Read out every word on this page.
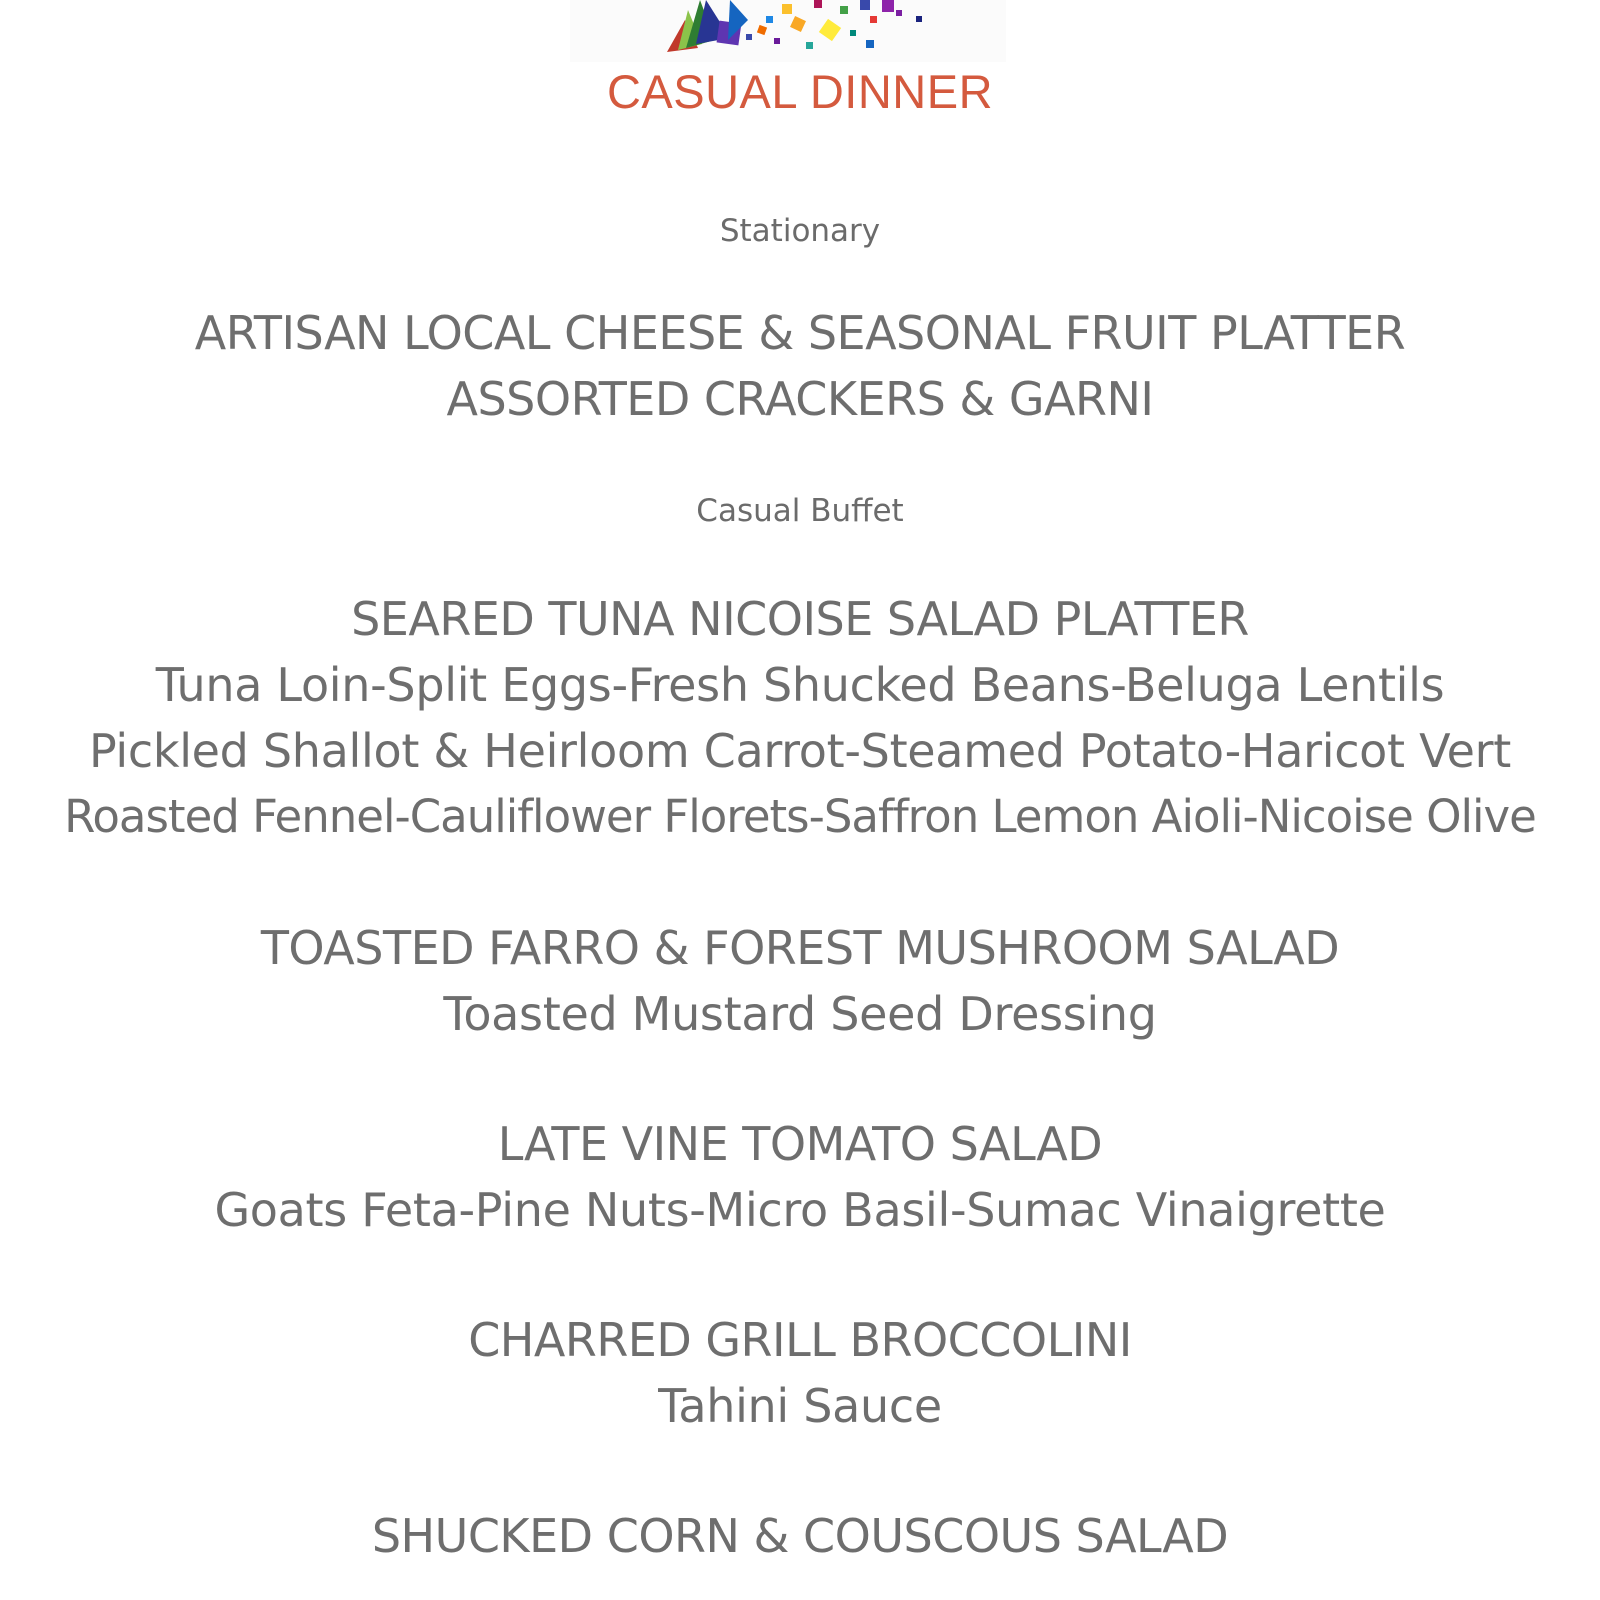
CASUAL DINNER
Stationary
ARTISAN LOCAL CHEESE & SEASONAL FRUIT PLATTER
ASSORTED CRACKERS & GARNI
Casual Buffet
SEARED TUNA NICOISE SALAD PLATTER
Tuna Loin-Split Eggs-Fresh Shucked Beans-Beluga Lentils
Pickled Shallot & Heirloom Carrot-Steamed Potato-Haricot Vert
Roasted Fennel-Cauliflower Florets-Saffron Lemon Aioli-Nicoise Olive
TOASTED FARRO & FOREST MUSHROOM SALAD
Toasted Mustard Seed Dressing
LATE VINE TOMATO SALAD
Goats Feta-Pine Nuts-Micro Basil-Sumac Vinaigrette
CHARRED GRILL BROCCOLINI
Tahini Sauce
SHUCKED CORN & COUSCOUS SALAD
